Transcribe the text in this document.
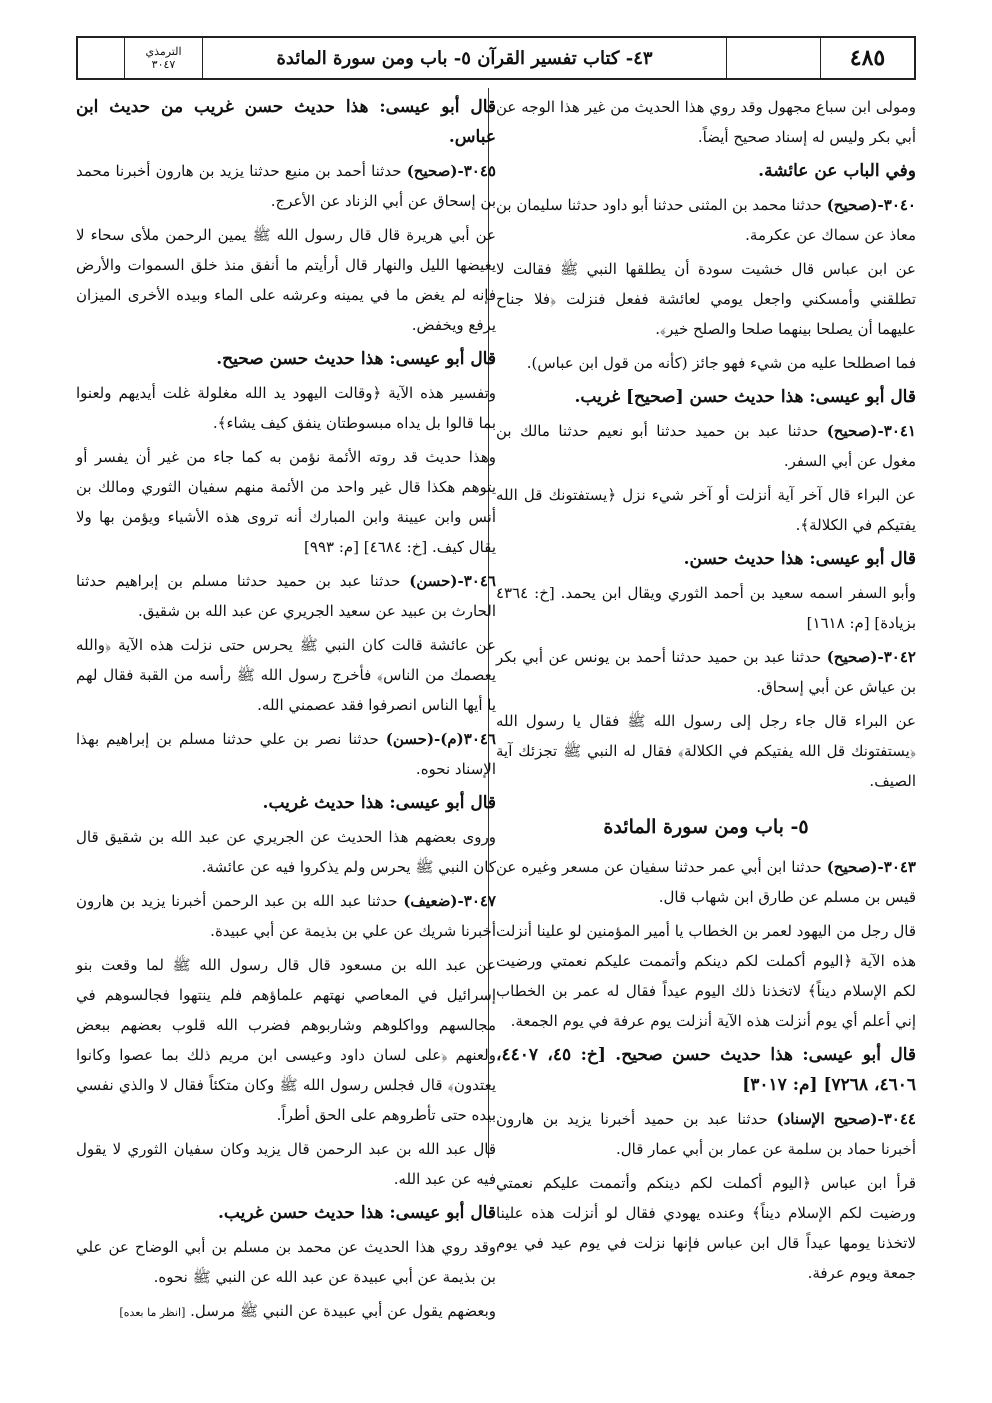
الترمذي
٣٠٤٧	٤٣- كتاب تفسير القرآن ٥- باب ومن سورة المائدة	٤٨٥

ومولى ابن سباع مجهول وقد روي هذا الحديث من غير هذا الوجه عن أبي بكر وليس له إسناد صحيح أيضاً.

وفي الباب عن عائشة.

٣٠٤٠-(صحيح) حدثنا محمد بن المثنى حدثنا أبو داود حدثنا سليمان بن معاذ عن سماك عن عكرمة.

عن ابن عباس قال خشيت سودة أن يطلقها النبي ﷺ فقالت لا تطلقني وأمسكني واجعل يومي لعائشة ففعل فنزلت ﴿فلا جناح عليهما أن يصلحا بينهما صلحا والصلح خير﴾.

فما اصطلحا عليه من شيء فهو جائز (كأنه من قول ابن عباس).

قال أبو عيسى: هذا حديث حسن [صحيح] غريب.

٣٠٤١-(صحيح) حدثنا عبد بن حميد حدثنا أبو نعيم حدثنا مالك بن مغول عن أبي السفر.

عن البراء قال آخر آية أنزلت أو آخر شيء نزل ﴿يستفتونك قل الله يفتيكم في الكلالة﴾.

قال أبو عيسى: هذا حديث حسن.

وأبو السفر اسمه سعيد بن أحمد الثوري ويقال ابن يحمد. [خ: ٤٣٦٤ بزيادة] [م: ١٦١٨]

٣٠٤٢-(صحيح) حدثنا عبد بن حميد حدثنا أحمد بن يونس عن أبي بكر بن عياش عن أبي إسحاق.

عن البراء قال جاء رجل إلى رسول الله ﷺ فقال يا رسول الله ﴿يستفتونك قل الله يفتيكم في الكلالة﴾ فقال له النبي ﷺ تجزئك آية الصيف.

٥- باب ومن سورة المائدة

٣٠٤٣-(صحيح) حدثنا ابن أبي عمر حدثنا سفيان عن مسعر وغيره عن قيس بن مسلم عن طارق ابن شهاب قال.

قال رجل من اليهود لعمر بن الخطاب يا أمير المؤمنين لو علينا أنزلت هذه الآية ﴿اليوم أكملت لكم دينكم وأتممت عليكم نعمتي ورضيت لكم الإسلام ديناً﴾ لاتخذنا ذلك اليوم عيداً فقال له عمر بن الخطاب إني أعلم أي يوم أنزلت هذه الآية أنزلت يوم عرفة في يوم الجمعة.

قال أبو عيسى: هذا حديث حسن صحيح. [خ: ٤٥، ٤٤٠٧، ٤٦٠٦، ٧٢٦٨] [م: ٣٠١٧]

٣٠٤٤-(صحيح الإسناد) حدثنا عبد بن حميد أخبرنا يزيد بن هارون أخبرنا حماد بن سلمة عن عمار بن أبي عمار قال.

قرأ ابن عباس ﴿اليوم أكملت لكم دينكم وأتممت عليكم نعمتي ورضيت لكم الإسلام ديناً﴾ وعنده يهودي فقال لو أنزلت هذه علينا لاتخذنا يومها عيداً قال ابن عباس فإنها نزلت في يوم عيد في يوم جمعة ويوم عرفة.

قال أبو عيسى: هذا حديث حسن غريب من حديث ابن عباس.

٣٠٤٥-(صحيح) حدثنا أحمد بن منيع حدثنا يزيد بن هارون أخبرنا محمد بن إسحاق عن أبي الزناد عن الأعرج.

عن أبي هريرة قال قال رسول الله ﷺ يمين الرحمن ملأى سحاء لا يغيضها الليل والنهار قال أرأيتم ما أنفق منذ خلق السموات والأرض فإنه لم يغض ما في يمينه وعرشه على الماء وبيده الأخرى الميزان يرفع ويخفض.

قال أبو عيسى: هذا حديث حسن صحيح.

وتفسير هذه الآية ﴿وقالت اليهود يد الله مغلولة غلت أيديهم ولعنوا بما قالوا بل يداه مبسوطتان ينفق كيف يشاء﴾.

وهذا حديث قد روته الأئمة نؤمن به كما جاء من غير أن يفسر أو يتوهم هكذا قال غير واحد من الأئمة منهم سفيان الثوري ومالك بن أنس وابن عيينة وابن المبارك أنه تروى هذه الأشياء ويؤمن بها ولا يقال كيف. [خ: ٤٦٨٤] [م: ٩٩٣]

٣٠٤٦-(حسن) حدثنا عبد بن حميد حدثنا مسلم بن إبراهيم حدثنا الحارث بن عبيد عن سعيد الجريري عن عبد الله بن شقيق.

عن عائشة قالت كان النبي ﷺ يحرس حتى نزلت هذه الآية ﴿والله يعصمك من الناس﴾ فأخرج رسول الله ﷺ رأسه من القبة فقال لهم يا أيها الناس انصرفوا فقد عصمني الله.

٣٠٤٦(م)-(حسن) حدثنا نصر بن علي حدثنا مسلم بن إبراهيم بهذا الإسناد نحوه.

قال أبو عيسى: هذا حديث غريب.

وروى بعضهم هذا الحديث عن الجريري عن عبد الله بن شقيق قال كان النبي ﷺ يحرس ولم يذكروا فيه عن عائشة.

٣٠٤٧-(ضعيف) حدثنا عبد الله بن عبد الرحمن أخبرنا يزيد بن هارون أخبرنا شريك عن علي بن بذيمة عن أبي عبيدة.

عن عبد الله بن مسعود قال قال رسول الله ﷺ لما وقعت بنو إسرائيل في المعاصي نهتهم علماؤهم فلم ينتهوا فجالسوهم في مجالسهم وواكلوهم وشاربوهم فضرب الله قلوب بعضهم ببعض ولعنهم ﴿على لسان داود وعيسى ابن مريم ذلك بما عصوا وكانوا يعتدون﴾ قال فجلس رسول الله ﷺ وكان متكئاً فقال لا والذي نفسي بيده حتى تأطروهم على الحق أطراً.

قال عبد الله بن عبد الرحمن قال يزيد وكان سفيان الثوري لا يقول فيه عن عبد الله.

قال أبو عيسى: هذا حديث حسن غريب.

وقد روي هذا الحديث عن محمد بن مسلم بن أبي الوضاح عن علي بن بذيمة عن أبي عبيدة عن عبد الله عن النبي ﷺ نحوه.

وبعضهم يقول عن أبي عبيدة عن النبي ﷺ مرسل. [انظر ما بعده]
